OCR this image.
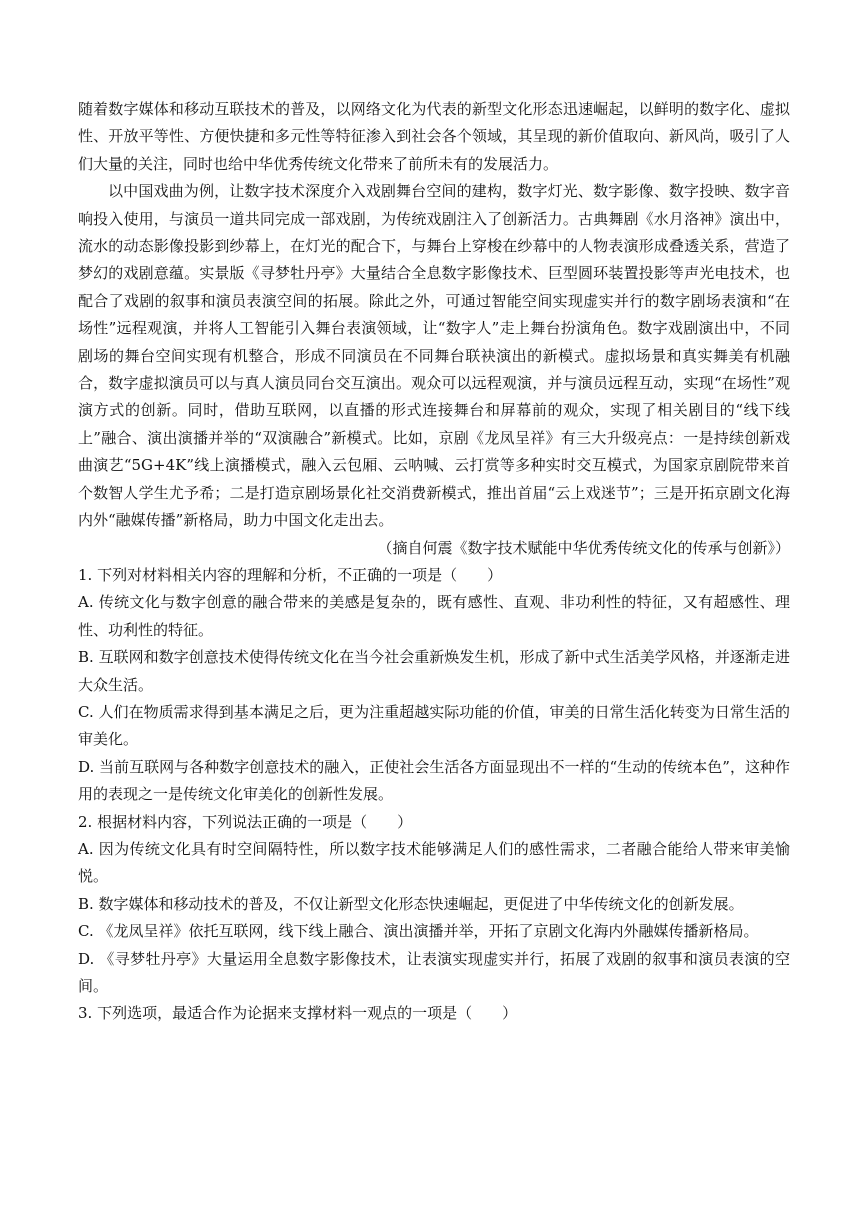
随着数字媒体和移动互联技术的普及，以网络文化为代表的新型文化形态迅速崛起，以鲜明的数字化、虚拟性、开放平等性、方便快捷和多元性等特征渗入到社会各个领域，其呈现的新价值取向、新风尚，吸引了人们大量的关注，同时也给中华优秀传统文化带来了前所未有的发展活力。

以中国戏曲为例，让数字技术深度介入戏剧舞台空间的建构，数字灯光、数字影像、数字投映、数字音响投入使用，与演员一道共同完成一部戏剧，为传统戏剧注入了创新活力。古典舞剧《水月洛神》演出中，流水的动态影像投影到纱幕上，在灯光的配合下，与舞台上穿梭在纱幕中的人物表演形成叠透关系，营造了梦幻的戏剧意蕴。实景版《寻梦牡丹亭》大量结合全息数字影像技术、巨型圆环装置投影等声光电技术，也配合了戏剧的叙事和演员表演空间的拓展。除此之外，可通过智能空间实现虚实并行的数字剧场表演和“在场性”远程观演，并将人工智能引入舞台表演领域，让“数字人”走上舞台扮演角色。数字戏剧演出中，不同剧场的舞台空间实现有机整合，形成不同演员在不同舞台联袂演出的新模式。虚拟场景和真实舞美有机融合，数字虚拟演员可以与真人演员同台交互演出。观众可以远程观演，并与演员远程互动，实现“在场性”观演方式的创新。同时，借助互联网，以直播的形式连接舞台和屏幕前的观众，实现了相关剧目的“线下线上”融合、演出演播并举的“双演融合”新模式。比如，京剧《龙凤呈祥》有三大升级亮点：一是持续创新戏曲演艺“5G+4K”线上演播模式，融入云包厢、云呐喊、云打赏等多种实时交互模式，为国家京剧院带来首个数智人学生尤予希；二是打造京剧场景化社交消费新模式，推出首届“云上戏迷节”；三是开拓京剧文化海内外“融媒传播”新格局，助力中国文化走出去。

（摘自何震《数字技术赋能中华优秀传统文化的传承与创新》）

1. 下列对材料相关内容的理解和分析，不正确的一项是（　　）

A. 传统文化与数字创意的融合带来的美感是复杂的，既有感性、直观、非功利性的特征，又有超感性、理性、功利性的特征。

B. 互联网和数字创意技术使得传统文化在当今社会重新焕发生机，形成了新中式生活美学风格，并逐渐走进大众生活。

C. 人们在物质需求得到基本满足之后，更为注重超越实际功能的价值，审美的日常生活化转变为日常生活的审美化。

D. 当前互联网与各种数字创意技术的融入，正使社会生活各方面显现出不一样的“生动的传统本色”，这种作用的表现之一是传统文化审美化的创新性发展。

2. 根据材料内容，下列说法正确的一项是（　　）

A. 因为传统文化具有时空间隔特性，所以数字技术能够满足人们的感性需求，二者融合能给人带来审美愉悦。

B. 数字媒体和移动技术的普及，不仅让新型文化形态快速崛起，更促进了中华传统文化的创新发展。

C. 《龙凤呈祥》依托互联网，线下线上融合、演出演播并举，开拓了京剧文化海内外融媒传播新格局。

D. 《寻梦牡丹亭》大量运用全息数字影像技术，让表演实现虚实并行，拓展了戏剧的叙事和演员表演的空间。

3. 下列选项，最适合作为论据来支撑材料一观点的一项是（　　）
